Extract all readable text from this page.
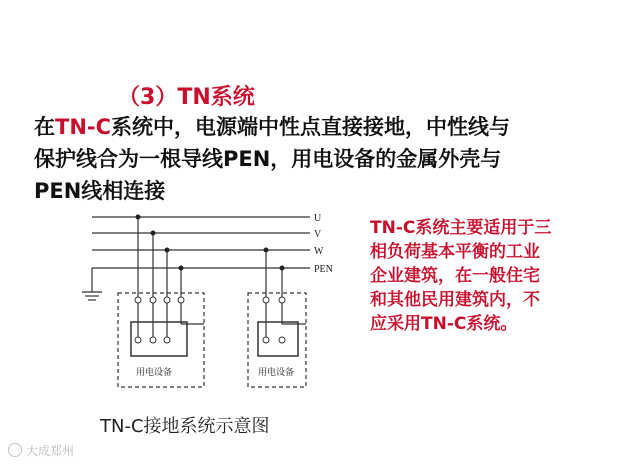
（3）TN系统
在TN-C系统中，电源端中性点直接接地，中性线与
保护线合为一根导线PEN，用电设备的金属外壳与
PEN线相连接
U
V
W
PEN
用电设备	用电设备
TN-C系统主要适用于三
相负荷基本平衡的工业
企业建筑，在一般住宅
和其他民用建筑内，不
应采用TN-C系统。
TN-C接地系统示意图
大成郑州
